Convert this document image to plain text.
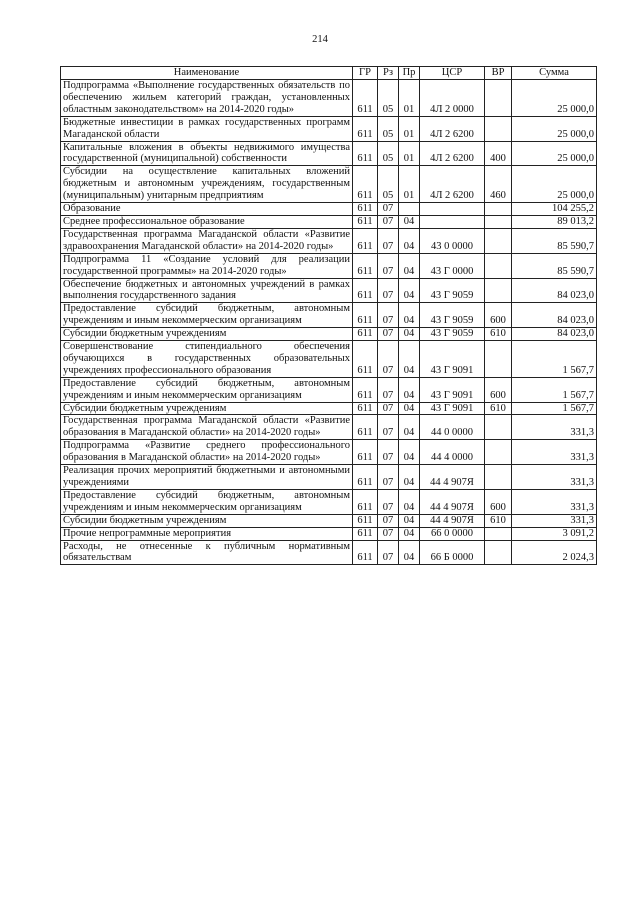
214
Наименование	ГР	Рз	Пр	ЦСР	ВР	Сумма
Подпрограмма «Выполнение государственных обязательств по обеспечению жильем категорий граждан, установленных областным законодательством» на 2014-2020 годы»	611	05	01	4Л 2 0000		25 000,0
Бюджетные инвестиции в рамках государственных программ Магаданской области	611	05	01	4Л 2 6200		25 000,0
Капитальные вложения в объекты недвижимого имущества государственной (муниципальной) собственности	611	05	01	4Л 2 6200	400	25 000,0
Субсидии на осуществление капитальных вложений бюджетным и автономным учреждениям, государственным (муниципальным) унитарным предприятиям	611	05	01	4Л 2 6200	460	25 000,0
Образование	611	07				104 255,2
Среднее профессиональное образование	611	07	04			89 013,2
Государственная программа Магаданской области «Развитие здравоохранения Магаданской области» на 2014-2020 годы»	611	07	04	43 0 0000		85 590,7
Подпрограмма 11 «Создание условий для реализации государственной программы» на 2014-2020 годы»	611	07	04	43 Г 0000		85 590,7
Обеспечение бюджетных и автономных учреждений в рамках выполнения государственного задания	611	07	04	43 Г 9059		84 023,0
Предоставление субсидий бюджетным, автономным учреждениям и иным некоммерческим организациям	611	07	04	43 Г 9059	600	84 023,0
Субсидии бюджетным учреждениям	611	07	04	43 Г 9059	610	84 023,0
Совершенствование стипендиального обеспечения обучающихся в государственных образовательных учреждениях профессионального образования	611	07	04	43 Г 9091		1 567,7
Предоставление субсидий бюджетным, автономным учреждениям и иным некоммерческим организациям	611	07	04	43 Г 9091	600	1 567,7
Субсидии бюджетным учреждениям	611	07	04	43 Г 9091	610	1 567,7
Государственная программа Магаданской области «Развитие образования в Магаданской области» на 2014-2020 годы»	611	07	04	44 0 0000		331,3
Подпрограмма «Развитие среднего профессионального образования в Магаданской области» на 2014-2020 годы»	611	07	04	44 4 0000		331,3
Реализация прочих мероприятий бюджетными и автономными учреждениями	611	07	04	44 4 907Я		331,3
Предоставление субсидий бюджетным, автономным учреждениям и иным некоммерческим организациям	611	07	04	44 4 907Я	600	331,3
Субсидии бюджетным учреждениям	611	07	04	44 4 907Я	610	331,3
Прочие непрограммные мероприятия	611	07	04	66 0 0000		3 091,2
Расходы, не отнесенные к публичным нормативным обязательствам	611	07	04	66 Б 0000		2 024,3
